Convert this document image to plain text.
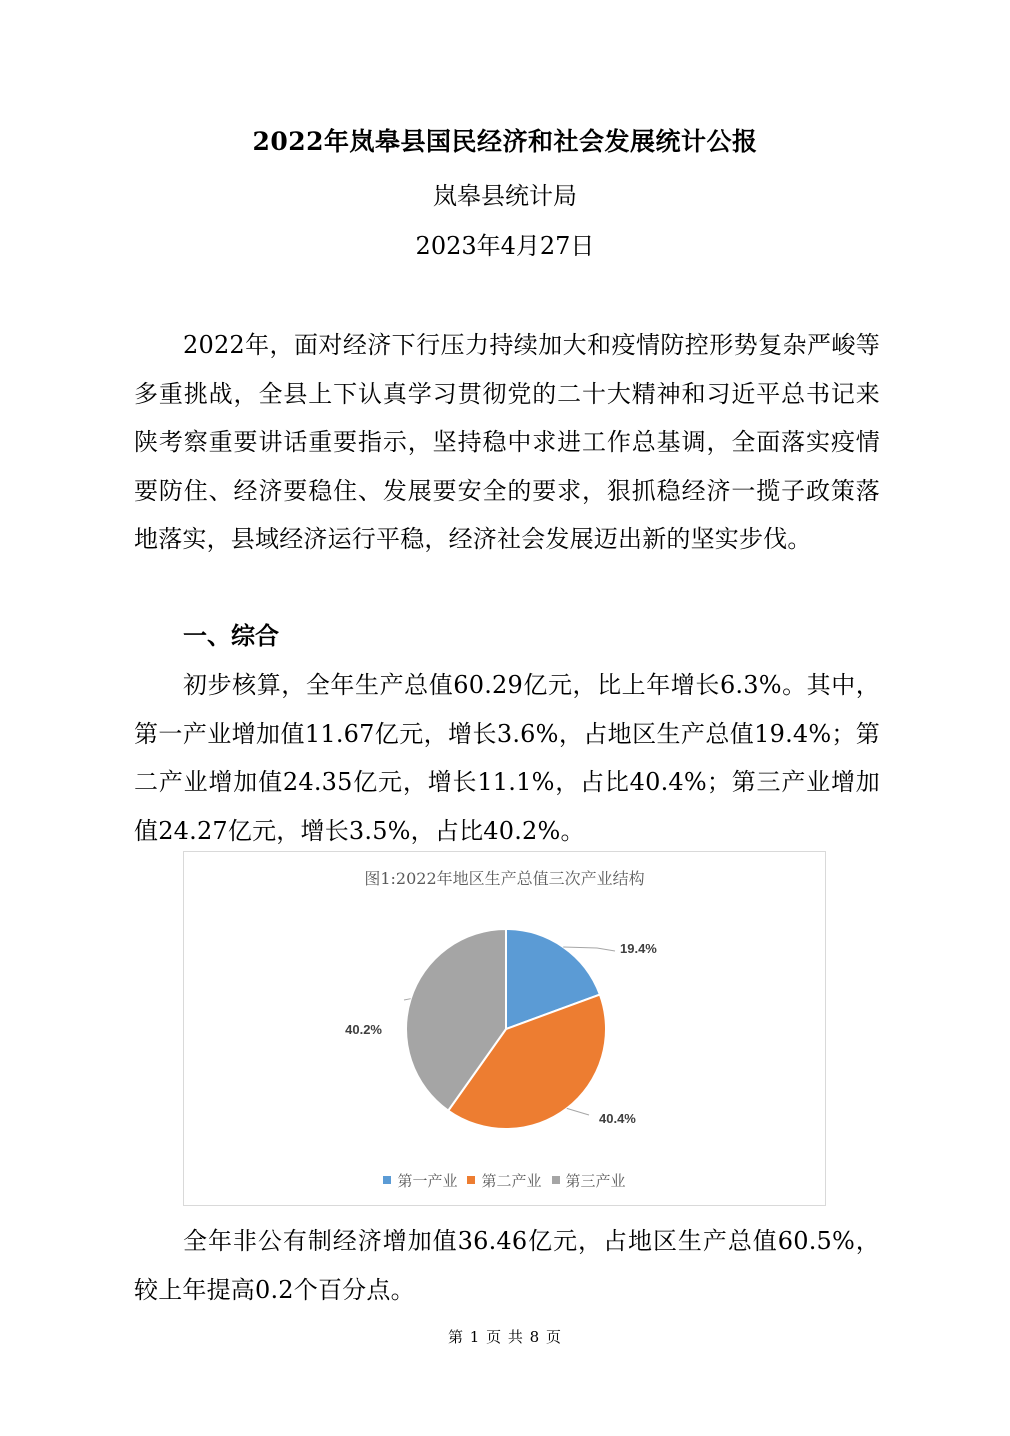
2022年岚皋县国民经济和社会发展统计公报
岚皋县统计局
2023年4月27日
2022年，面对经济下行压力持续加大和疫情防控形势复杂严峻等多重挑战，全县上下认真学习贯彻党的二十大精神和习近平总书记来陕考察重要讲话重要指示，坚持稳中求进工作总基调，全面落实疫情要防住、经济要稳住、发展要安全的要求，狠抓稳经济一揽子政策落地落实，县域经济运行平稳，经济社会发展迈出新的坚实步伐。
一、综合
初步核算，全年生产总值60.29亿元，比上年增长6.3%。其中，第一产业增加值11.67亿元，增长3.6%，占地区生产总值19.4%；第二产业增加值24.35亿元，增长11.1%，占比40.4%；第三产业增加值24.27亿元，增长3.5%，占比40.2%。
19.4%
40.4%
40.2%
图1:2022年地区生产总值三次产业结构
第一产业 第二产业 第三产业
全年非公有制经济增加值36.46亿元，占地区生产总值60.5%，较上年提高0.2个百分点。
第 1 页 共 8 页
